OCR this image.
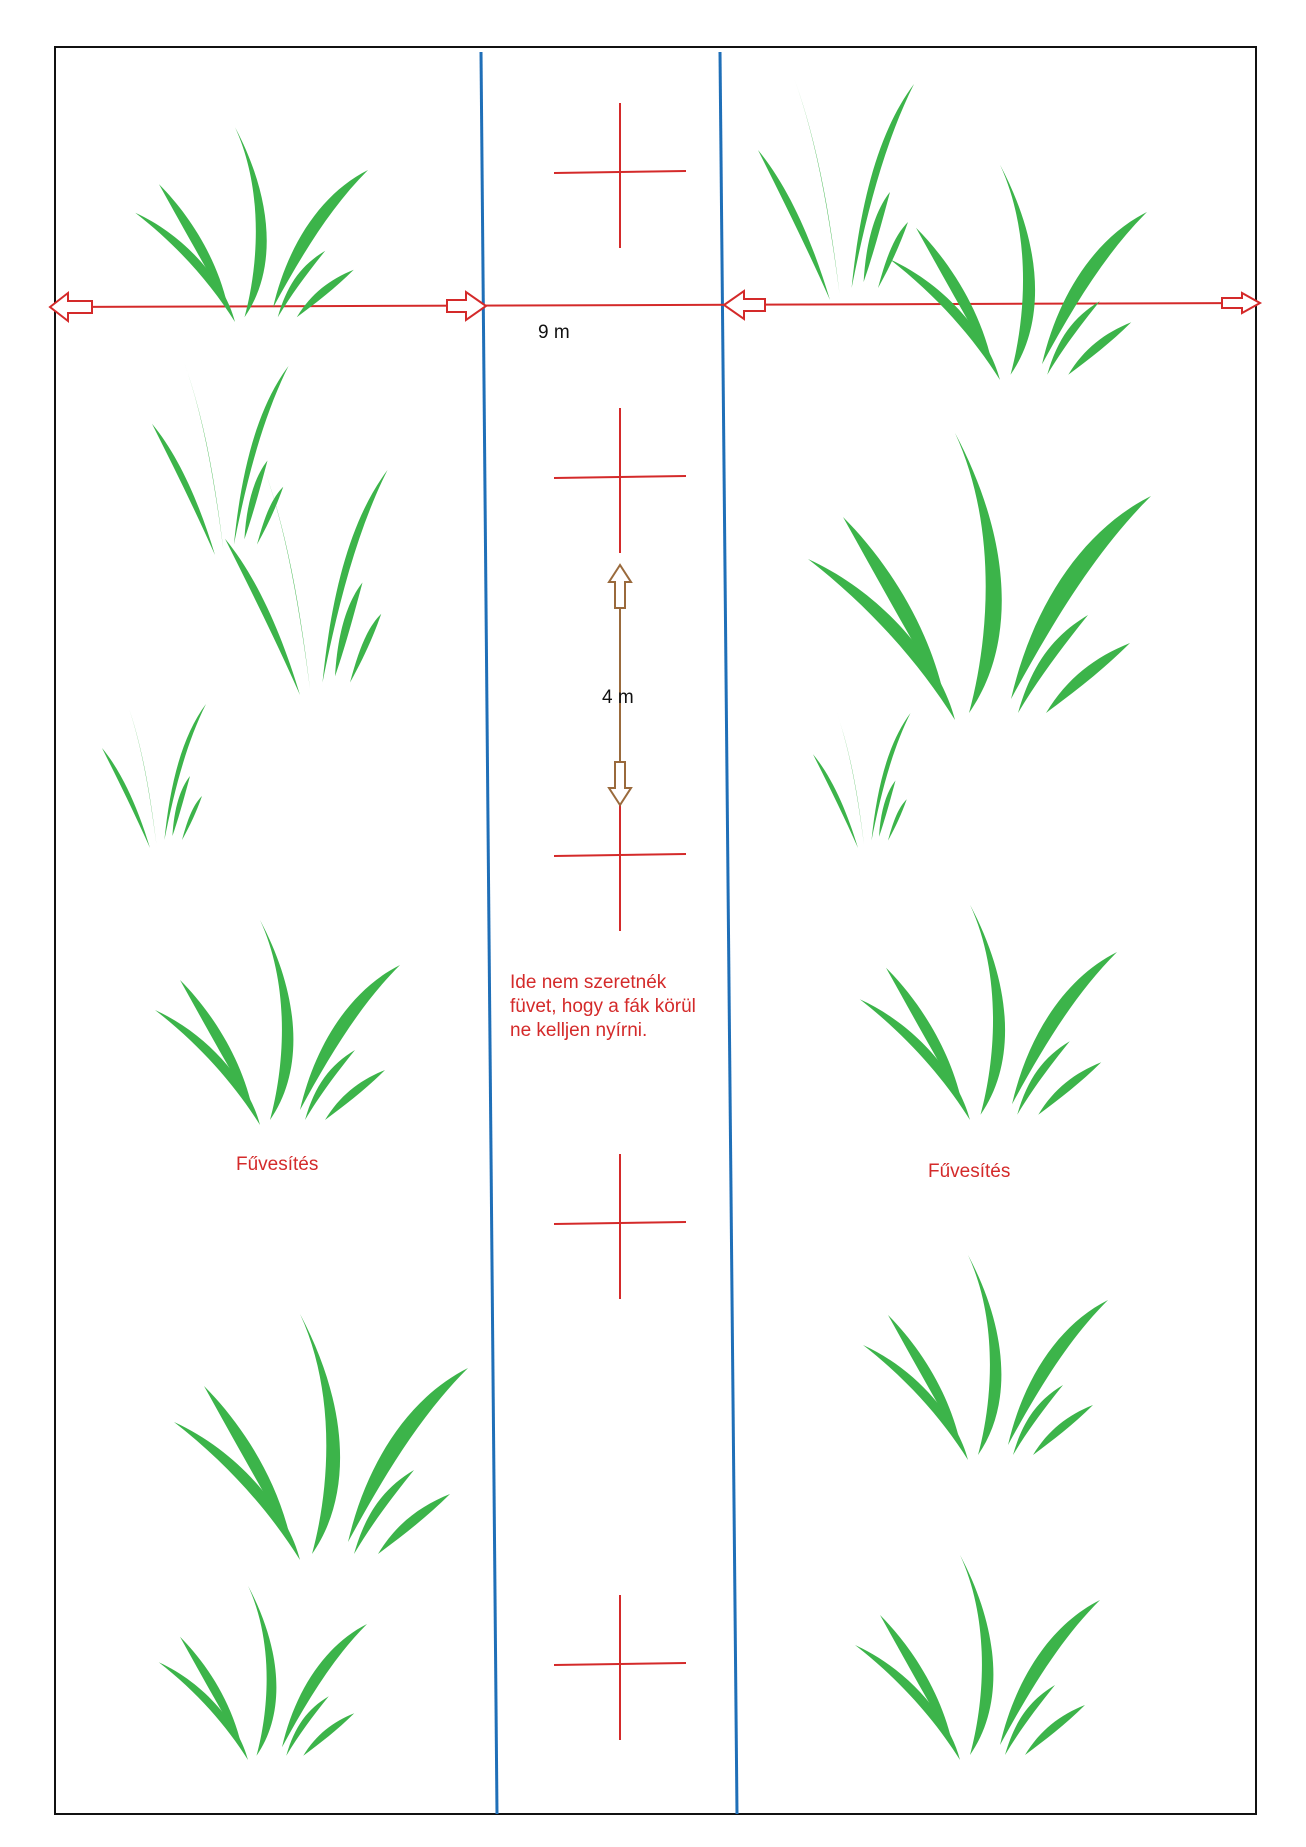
9 m
4 m
Ide nem szeretnék
füvet, hogy a fák körül
ne kelljen nyírni.
Fűvesítés	Fűvesítés
